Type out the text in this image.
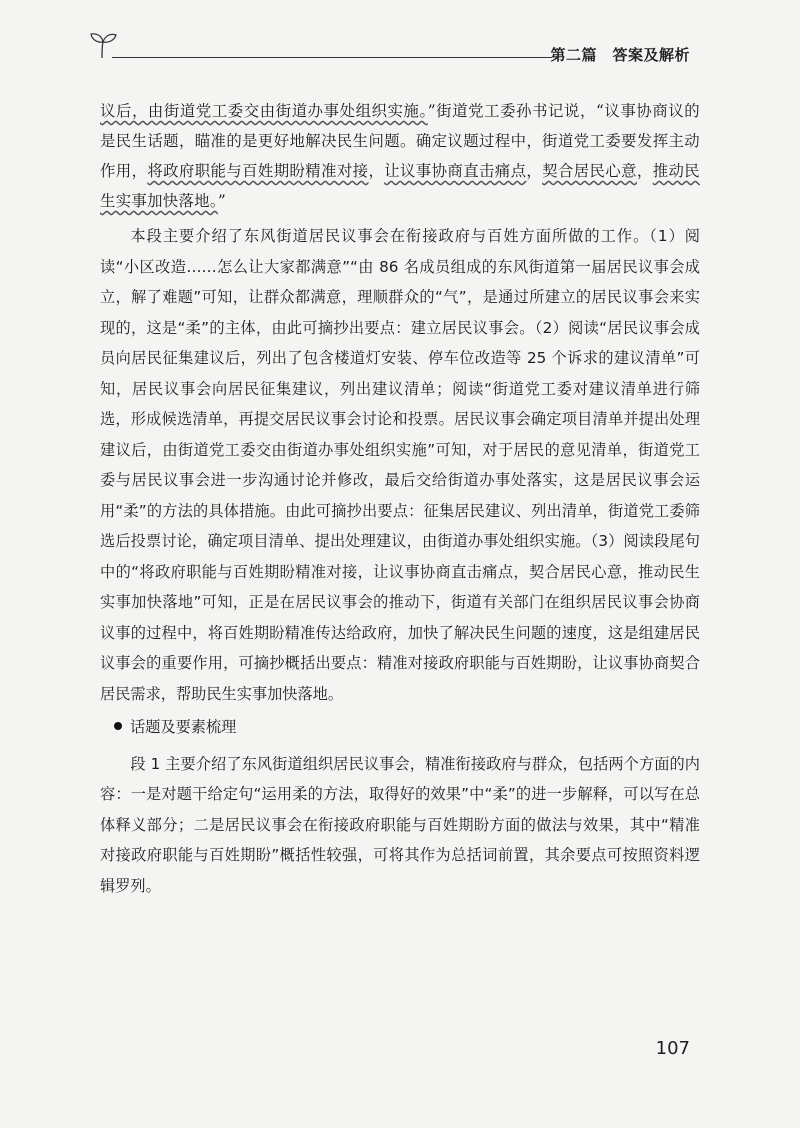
第二篇　答案及解析

议后，由街道党工委交由街道办事处组织实施。”街道党工委孙书记说，“议事协商议的是民生话题，瞄准的是更好地解决民生问题。确定议题过程中，街道党工委要发挥主动作用，将政府职能与百姓期盼精准对接，让议事协商直击痛点，契合居民心意，推动民生实事加快落地。”

本段主要介绍了东风街道居民议事会在衔接政府与百姓方面所做的工作。（1）阅读“小区改造……怎么让大家都满意”“由 86 名成员组成的东风街道第一届居民议事会成立，解了难题”可知，让群众都满意，理顺群众的“气”，是通过所建立的居民议事会来实现的，这是“柔”的主体，由此可摘抄出要点：建立居民议事会。（2）阅读“居民议事会成员向居民征集建议后，列出了包含楼道灯安装、停车位改造等 25 个诉求的建议清单”可知，居民议事会向居民征集建议，列出建议清单；阅读“街道党工委对建议清单进行筛选，形成候选清单，再提交居民议事会讨论和投票。居民议事会确定项目清单并提出处理建议后，由街道党工委交由街道办事处组织实施”可知，对于居民的意见清单，街道党工委与居民议事会进一步沟通讨论并修改，最后交给街道办事处落实，这是居民议事会运用“柔”的方法的具体措施。由此可摘抄出要点：征集居民建议、列出清单，街道党工委筛选后投票讨论，确定项目清单、提出处理建议，由街道办事处组织实施。（3）阅读段尾句中的“将政府职能与百姓期盼精准对接，让议事协商直击痛点，契合居民心意，推动民生实事加快落地”可知，正是在居民议事会的推动下，街道有关部门在组织居民议事会协商议事的过程中，将百姓期盼精准传达给政府，加快了解决民生问题的速度，这是组建居民议事会的重要作用，可摘抄概括出要点：精准对接政府职能与百姓期盼，让议事协商契合居民需求，帮助民生实事加快落地。

话题及要素梳理

段 1 主要介绍了东风街道组织居民议事会，精准衔接政府与群众，包括两个方面的内容：一是对题干给定句“运用柔的方法，取得好的效果”中“柔”的进一步解释，可以写在总体释义部分；二是居民议事会在衔接政府职能与百姓期盼方面的做法与效果，其中“精准对接政府职能与百姓期盼”概括性较强，可将其作为总括词前置，其余要点可按照资料逻辑罗列。

107
